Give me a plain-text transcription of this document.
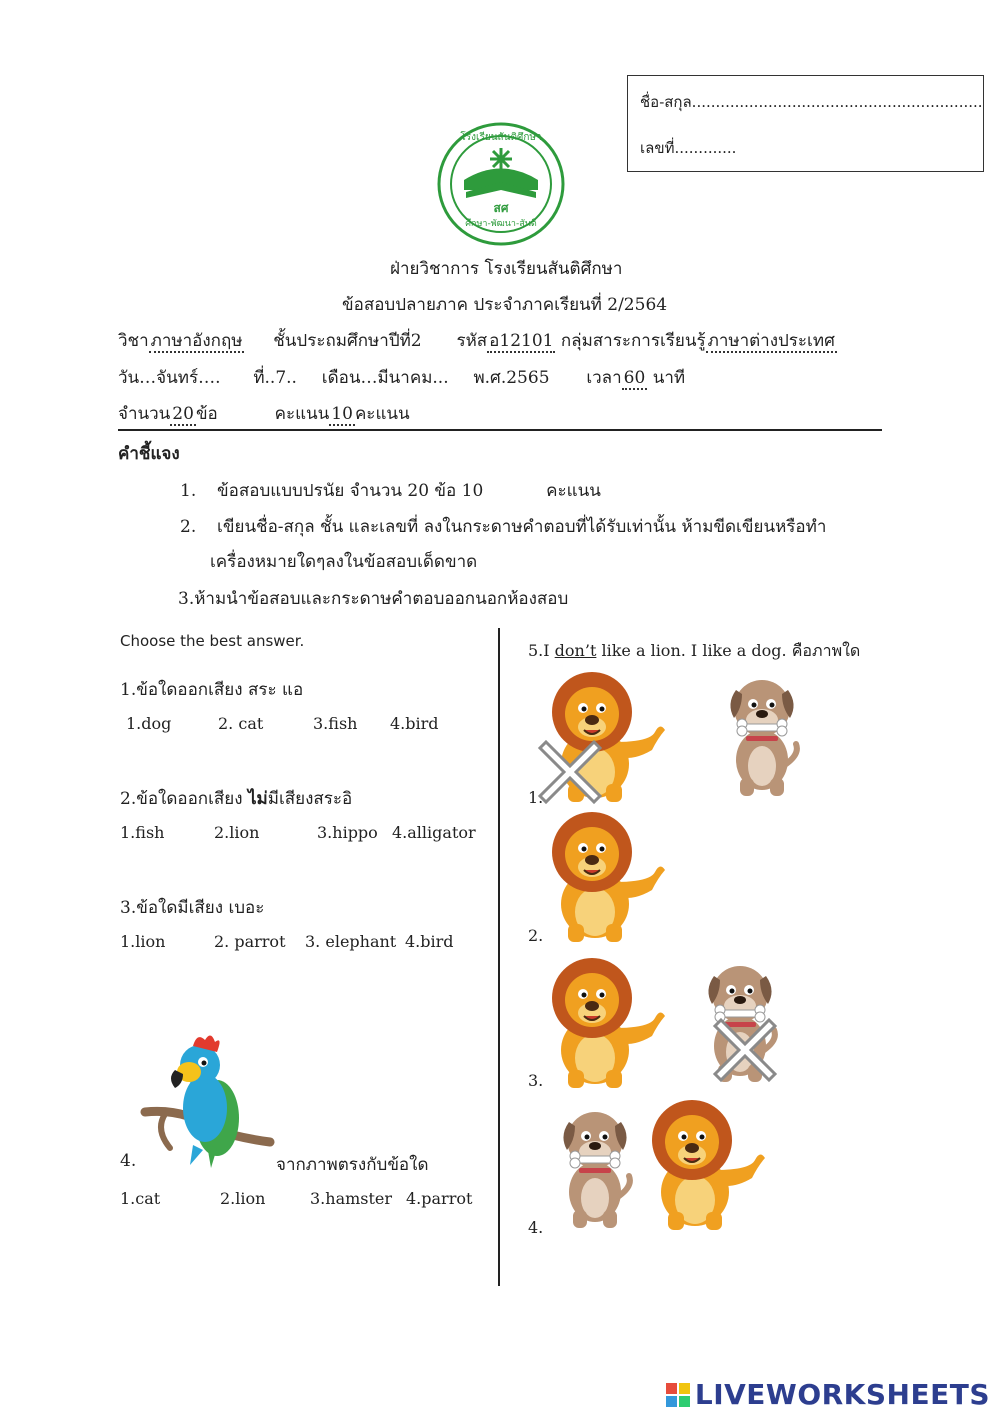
ชื่อ-สกุล.............................................................
เลขที่.............
สศ
ศึกษา-พัฒนา-สันติ
โรงเรียนสันติศึกษา
ฝ่ายวิชาการ โรงเรียนสันติศึกษา
ข้อสอบปลายภาค ประจำภาคเรียนที่ 2/2564
วิชา ภาษาอังกฤษ ชั้นประถมศึกษาปีที่2 รหัส อ12101 กลุ่มสาระการเรียนรู้ ภาษาต่างประเทศ
วัน…จันทร์…. ที่..7.. เดือน…มีนาคม... พ.ศ.2565 เวลา 60 นาที
จำนวน 20 ข้อ	คะแนน 10 คะแนน
คำชี้แจง
1. ข้อสอบแบบปรนัย จำนวน 20 ข้อ 10	คะแนน
2. เขียนชื่อ-สกุล ชั้น และเลขที่ ลงในกระดาษคำตอบที่ได้รับเท่านั้น ห้ามขีดเขียนหรือทำ
เครื่องหมายใดๆลงในข้อสอบเด็ดขาด
3.ห้ามนำข้อสอบและกระดาษคำตอบออกนอกห้องสอบ
Choose the best answer.
1.ข้อใดออกเสียง สระ แอ
1.dog	2. cat	3.fish 4.bird
2.ข้อใดออกเสียง ไม่มีเสียงสระอิ
1.fish	2.lion	3.hippo 4.alligator
3.ข้อใดมีเสียง เบอะ
1.lion	2. parrot 3. elephant 4.bird
4.	จากภาพตรงกับข้อใด
1.cat	2.lion	3.hamster 4.parrot
5.I don’t like a lion. I like a dog. คือภาพใด
1.
2.
3.
4.
LIVEWORKSHEETS
